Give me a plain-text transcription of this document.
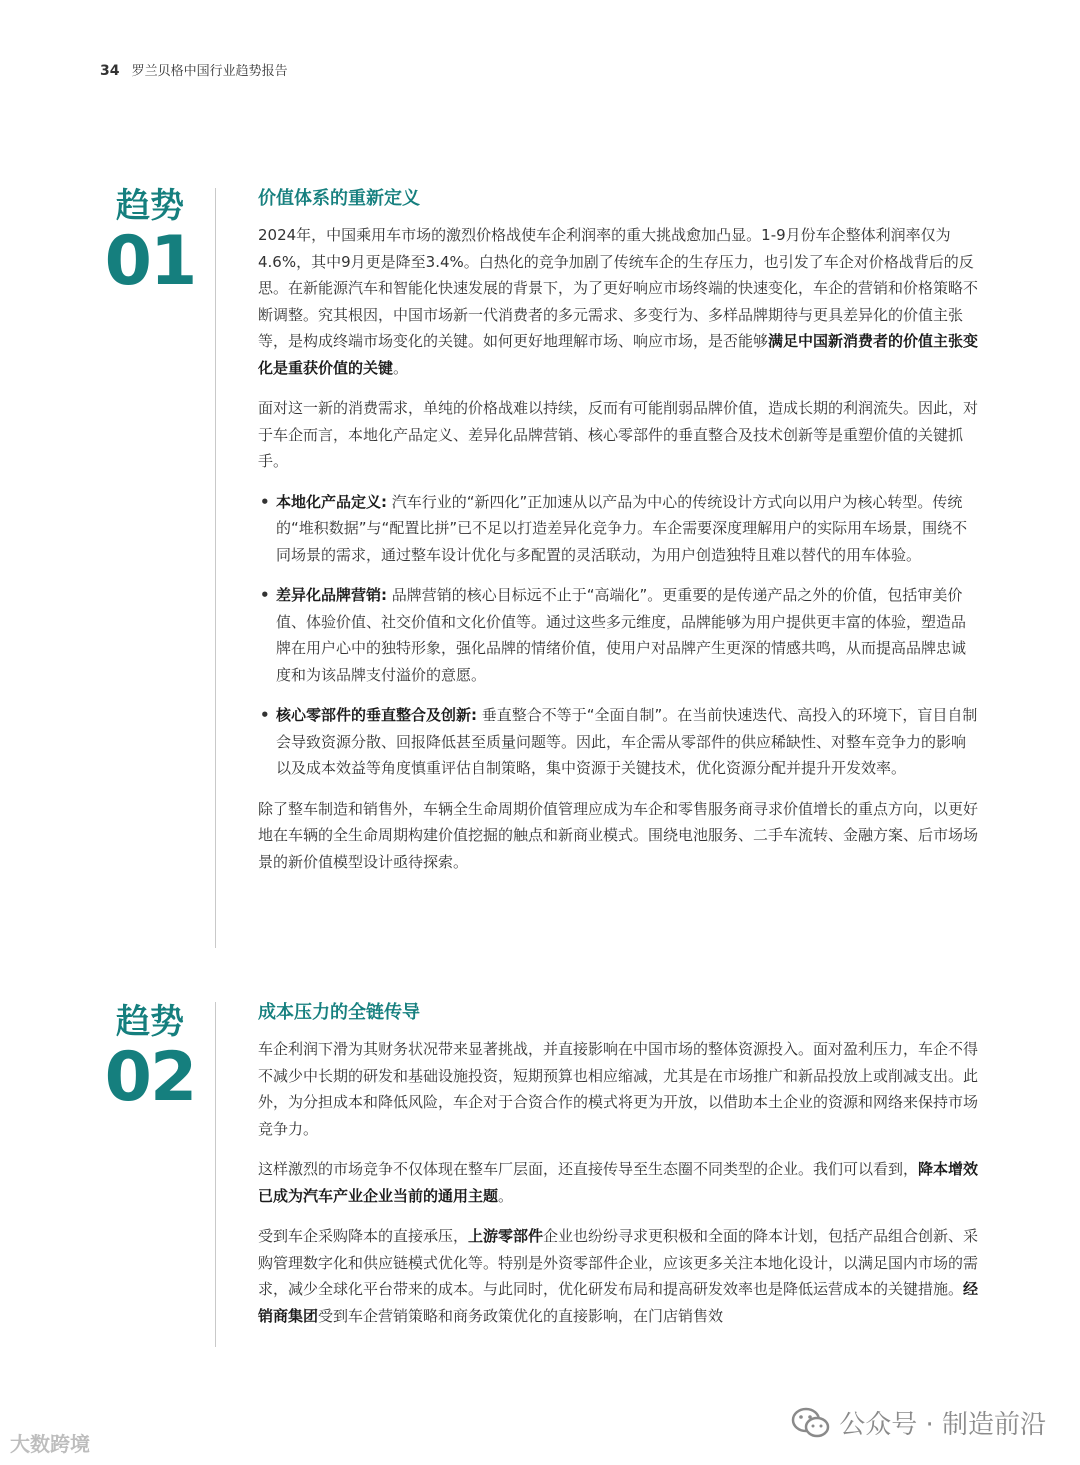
34 罗兰贝格中国行业趋势报告
趋势
01
价值体系的重新定义

2024年，中国乘用车市场的激烈价格战使车企利润率的重大挑战愈加凸显。1-9月份车企整体利润率仅为4.6%，其中9月更是降至3.4%。白热化的竞争加剧了传统车企的生存压力，也引发了车企对价格战背后的反思。在新能源汽车和智能化快速发展的背景下，为了更好响应市场终端的快速变化，车企的营销和价格策略不断调整。究其根因，中国市场新一代消费者的多元需求、多变行为、多样品牌期待与更具差异化的价值主张等，是构成终端市场变化的关键。如何更好地理解市场、响应市场，是否能够满足中国新消费者的价值主张变化是重获价值的关键。

面对这一新的消费需求，单纯的价格战难以持续，反而有可能削弱品牌价值，造成长期的利润流失。因此，对于车企而言，本地化产品定义、差异化品牌营销、核心零部件的垂直整合及技术创新等是重塑价值的关键抓手。

• 本地化产品定义: 汽车行业的“新四化”正加速从以产品为中心的传统设计方式向以用户为核心转型。传统的“堆积数据”与“配置比拼”已不足以打造差异化竞争力。车企需要深度理解用户的实际用车场景，围绕不同场景的需求，通过整车设计优化与多配置的灵活联动，为用户创造独特且难以替代的用车体验。
• 差异化品牌营销: 品牌营销的核心目标远不止于“高端化”。更重要的是传递产品之外的价值，包括审美价值、体验价值、社交价值和文化价值等。通过这些多元维度，品牌能够为用户提供更丰富的体验，塑造品牌在用户心中的独特形象，强化品牌的情绪价值，使用户对品牌产生更深的情感共鸣，从而提高品牌忠诚度和为该品牌支付溢价的意愿。
• 核心零部件的垂直整合及创新: 垂直整合不等于“全面自制”。在当前快速迭代、高投入的环境下，盲目自制会导致资源分散、回报降低甚至质量问题等。因此，车企需从零部件的供应稀缺性、对整车竞争力的影响以及成本效益等角度慎重评估自制策略，集中资源于关键技术，优化资源分配并提升开发效率。

除了整车制造和销售外，车辆全生命周期价值管理应成为车企和零售服务商寻求价值增长的重点方向，以更好地在车辆的全生命周期构建价值挖掘的触点和新商业模式。围绕电池服务、二手车流转、金融方案、后市场场景的新价值模型设计亟待探索。

趋势
02
成本压力的全链传导

车企利润下滑为其财务状况带来显著挑战，并直接影响在中国市场的整体资源投入。面对盈利压力，车企不得不减少中长期的研发和基础设施投资，短期预算也相应缩减，尤其是在市场推广和新品投放上或削减支出。此外，为分担成本和降低风险，车企对于合资合作的模式将更为开放，以借助本土企业的资源和网络来保持市场竞争力。

这样激烈的市场竞争不仅体现在整车厂层面，还直接传导至生态圈不同类型的企业。我们可以看到，降本增效已成为汽车产业企业当前的通用主题。

受到车企采购降本的直接承压，上游零部件企业也纷纷寻求更积极和全面的降本计划，包括产品组合创新、采购管理数字化和供应链模式优化等。特别是外资零部件企业，应该更多关注本地化设计，以满足国内市场的需求，减少全球化平台带来的成本。与此同时，优化研发布局和提高研发效率也是降低运营成本的关键措施。经销商集团受到车企营销策略和商务政策优化的直接影响，在门店销售效

公众号 · 制造前沿
大数跨境
